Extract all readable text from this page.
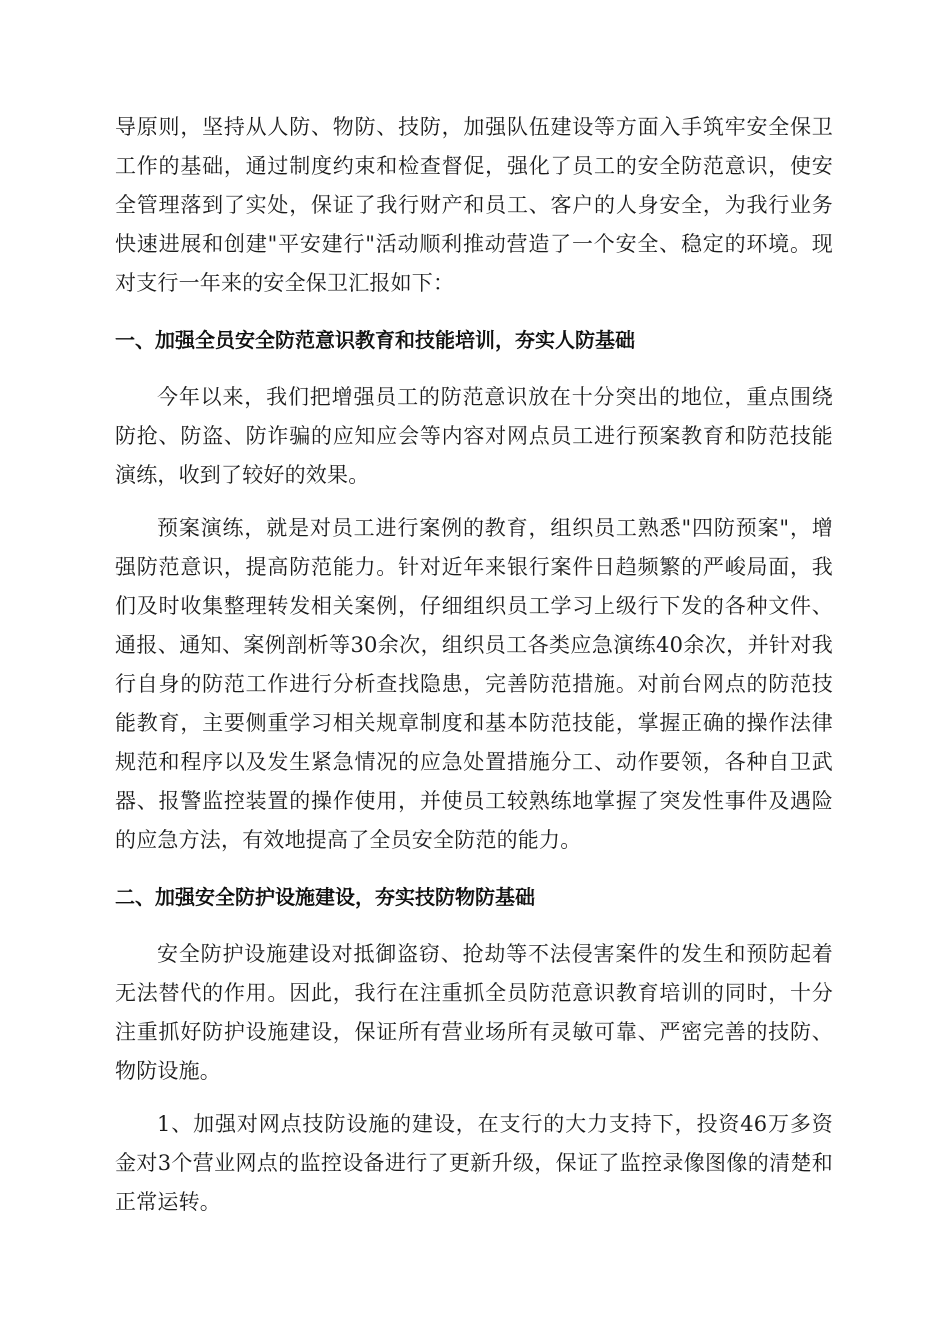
导原则，坚持从人防、物防、技防，加强队伍建设等方面入手筑牢安全保卫工作的基础，通过制度约束和检查督促，强化了员工的安全防范意识，使安全管理落到了实处，保证了我行财产和员工、客户的人身安全，为我行业务快速进展和创建"平安建行"活动顺利推动营造了一个安全、稳定的环境。现对支行一年来的安全保卫汇报如下：

一、加强全员安全防范意识教育和技能培训，夯实人防基础

今年以来，我们把增强员工的防范意识放在十分突出的地位，重点围绕防抢、防盗、防诈骗的应知应会等内容对网点员工进行预案教育和防范技能演练，收到了较好的效果。

预案演练，就是对员工进行案例的教育，组织员工熟悉"四防预案"，增强防范意识，提高防范能力。针对近年来银行案件日趋频繁的严峻局面，我们及时收集整理转发相关案例，仔细组织员工学习上级行下发的各种文件、通报、通知、案例剖析等30余次，组织员工各类应急演练40余次，并针对我行自身的防范工作进行分析查找隐患，完善防范措施。对前台网点的防范技能教育，主要侧重学习相关规章制度和基本防范技能，掌握正确的操作法律规范和程序以及发生紧急情况的应急处置措施分工、动作要领，各种自卫武器、报警监控装置的操作使用，并使员工较熟练地掌握了突发性事件及遇险的应急方法，有效地提高了全员安全防范的能力。

二、加强安全防护设施建设，夯实技防物防基础

安全防护设施建设对抵御盗窃、抢劫等不法侵害案件的发生和预防起着无法替代的作用。因此，我行在注重抓全员防范意识教育培训的同时，十分注重抓好防护设施建设，保证所有营业场所有灵敏可靠、严密完善的技防、物防设施。

1、加强对网点技防设施的建设，在支行的大力支持下，投资46万多资金对3个营业网点的监控设备进行了更新升级，保证了监控录像图像的清楚和正常运转。
